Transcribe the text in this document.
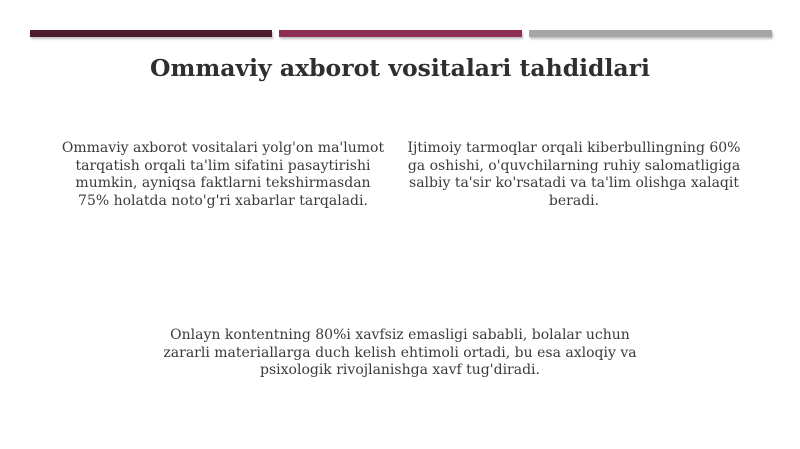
Ommaviy axborot vositalari tahdidlari

Ommaviy axborot vositalari yolg'on ma'lumot tarqatish orqali ta'lim sifatini pasaytirishi mumkin, ayniqsa faktlarni tekshirmasdan 75% holatda noto'g'ri xabarlar tarqaladi.

Ijtimoiy tarmoqlar orqali kiberbullingning 60% ga oshishi, o'quvchilarning ruhiy salomatligiga salbiy ta'sir ko'rsatadi va ta'lim olishga xalaqit beradi.

Onlayn kontentning 80%i xavfsiz emasligi sababli, bolalar uchun zararli materiallarga duch kelish ehtimoli ortadi, bu esa axloqiy va psixologik rivojlanishga xavf tug'diradi.
